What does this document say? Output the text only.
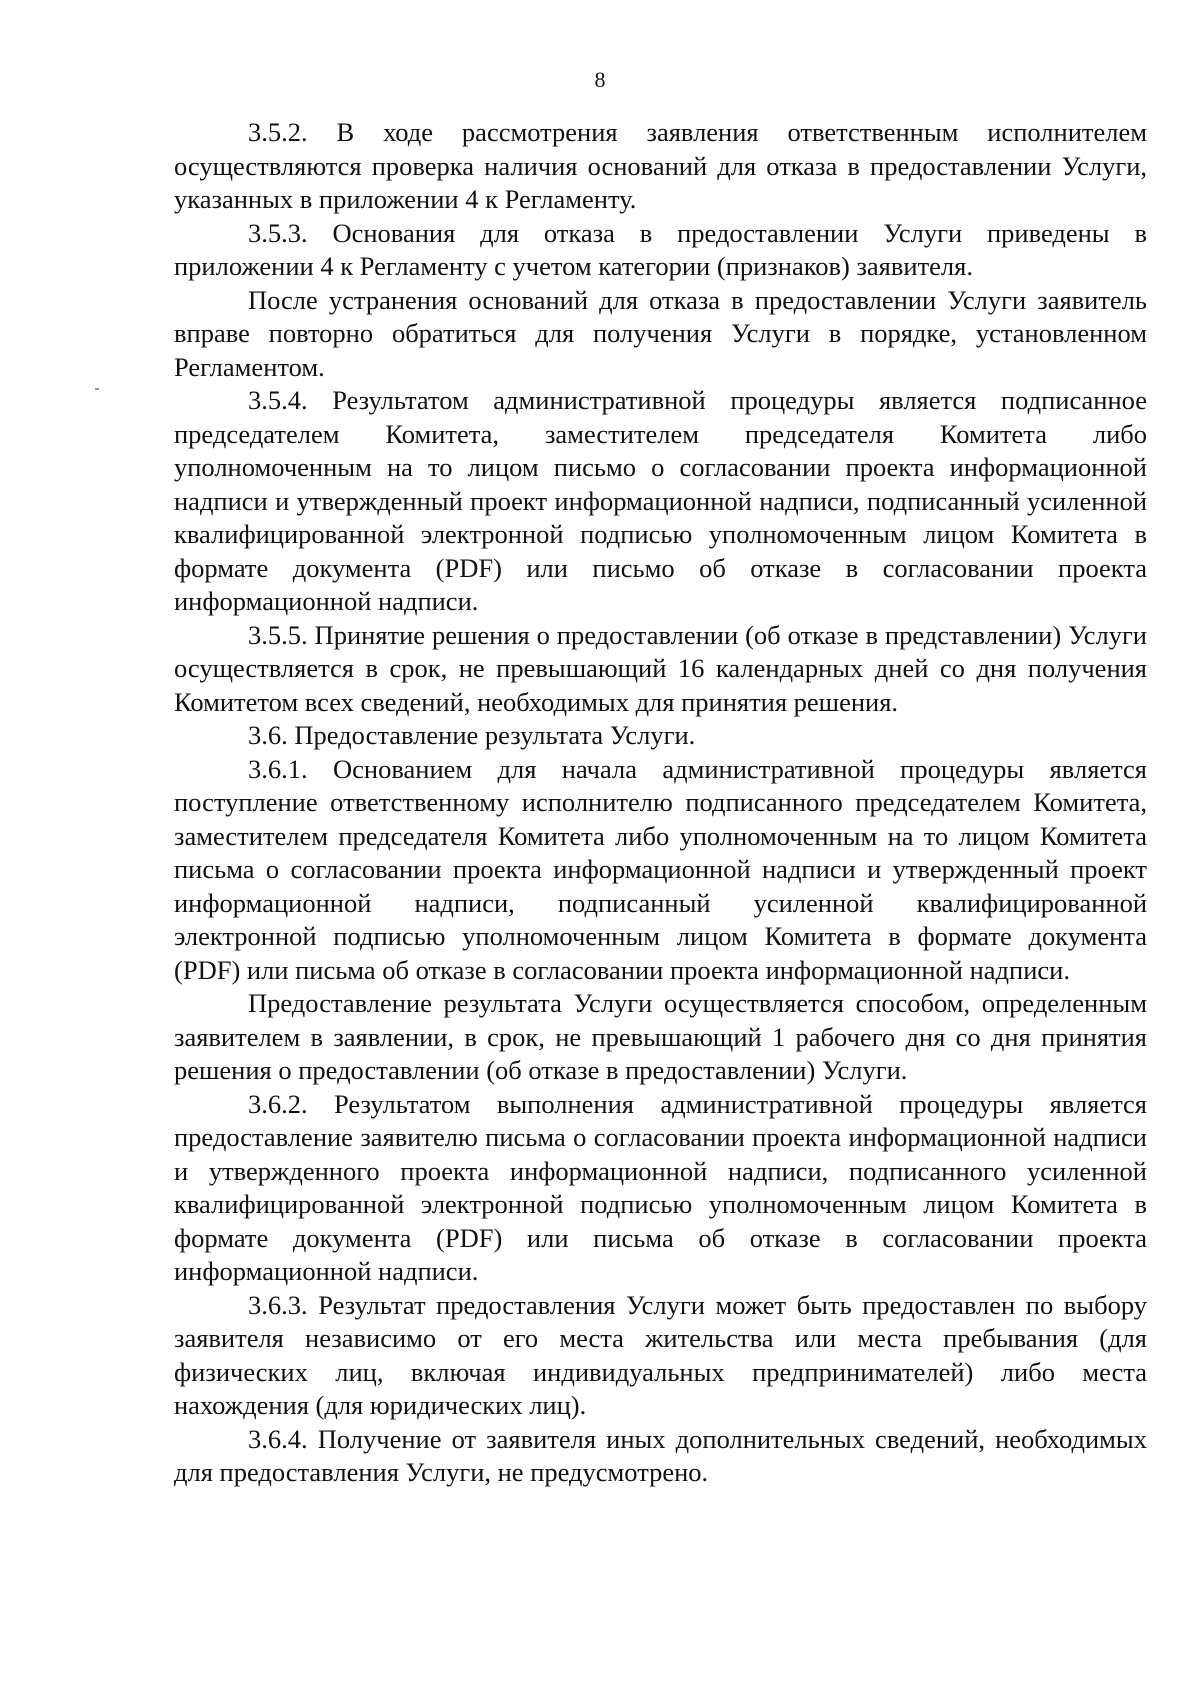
8

3.5.2. В ходе рассмотрения заявления ответственным исполнителем осуществляются проверка наличия оснований для отказа в предоставлении Услуги, указанных в приложении 4 к Регламенту.

3.5.3. Основания для отказа в предоставлении Услуги приведены в приложении 4 к Регламенту с учетом категории (признаков) заявителя.

После устранения оснований для отказа в предоставлении Услуги заявитель вправе повторно обратиться для получения Услуги в порядке, установленном Регламентом.

3.5.4. Результатом административной процедуры является подписанное председателем Комитета, заместителем председателя Комитета либо уполномоченным на то лицом письмо о согласовании проекта информационной надписи и утвержденный проект информационной надписи, подписанный усиленной квалифицированной электронной подписью уполномоченным лицом Комитета в формате документа (PDF) или письмо об отказе в согласовании проекта информационной надписи.

3.5.5. Принятие решения о предоставлении (об отказе в представлении) Услуги осуществляется в срок, не превышающий 16 календарных дней со дня получения Комитетом всех сведений, необходимых для принятия решения.

3.6. Предоставление результата Услуги.

3.6.1. Основанием для начала административной процедуры является поступление ответственному исполнителю подписанного председателем Комитета, заместителем председателя Комитета либо уполномоченным на то лицом Комитета письма о согласовании проекта информационной надписи и утвержденный проект информационной надписи, подписанный усиленной квалифицированной электронной подписью уполномоченным лицом Комитета в формате документа (PDF) или письма об отказе в согласовании проекта информационной надписи.

Предоставление результата Услуги осуществляется способом, определенным заявителем в заявлении, в срок, не превышающий 1 рабочего дня со дня принятия решения о предоставлении (об отказе в предоставлении) Услуги.

3.6.2. Результатом выполнения административной процедуры является предоставление заявителю письма о согласовании проекта информационной надписи и утвержденного проекта информационной надписи, подписанного усиленной квалифицированной электронной подписью уполномоченным лицом Комитета в формате документа (PDF) или письма об отказе в согласовании проекта информационной надписи.

3.6.3. Результат предоставления Услуги может быть предоставлен по выбору заявителя независимо от его места жительства или места пребывания (для физических лиц, включая индивидуальных предпринимателей) либо места нахождения (для юридических лиц).

3.6.4. Получение от заявителя иных дополнительных сведений, необходимых для предоставления Услуги, не предусмотрено.
